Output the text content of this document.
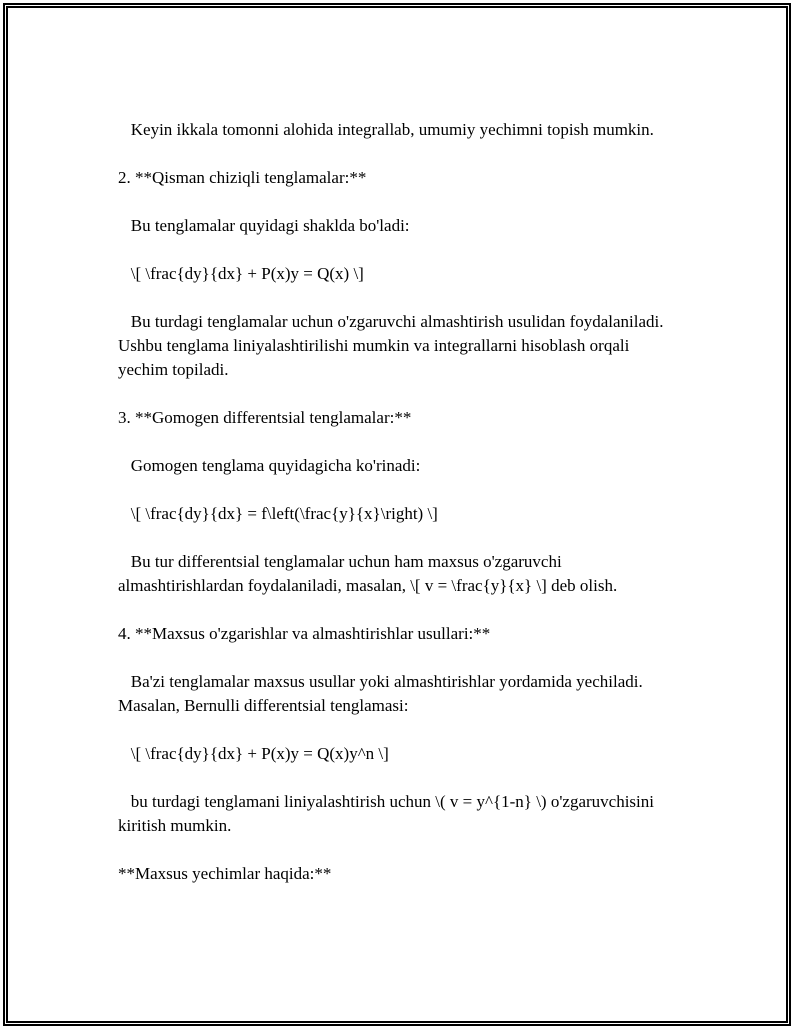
Keyin ikkala tomonni alohida integrallab, umumiy yechimni topish mumkin.

2. **Qisman chiziqli tenglamalar:**

Bu tenglamalar quyidagi shaklda bo'ladi:

\[ \frac{dy}{dx} + P(x)y = Q(x) \]

Bu turdagi tenglamalar uchun o'zgaruvchi almashtirish usulidan foydalaniladi. Ushbu tenglama liniyalashtirilishi mumkin va integrallarni hisoblash orqali yechim topiladi.

3. **Gomogen differentsial tenglamalar:**

Gomogen tenglama quyidagicha ko'rinadi:

\[ \frac{dy}{dx} = f\left(\frac{y}{x}\right) \]

Bu tur differentsial tenglamalar uchun ham maxsus o'zgaruvchi almashtirishlardan foydalaniladi, masalan, \[ v = \frac{y}{x} \] deb olish.

4. **Maxsus o'zgarishlar va almashtirishlar usullari:**

Ba'zi tenglamalar maxsus usullar yoki almashtirishlar yordamida yechiladi. Masalan, Bernulli differentsial tenglamasi:

\[ \frac{dy}{dx} + P(x)y = Q(x)y^n \]

bu turdagi tenglamani liniyalashtirish uchun \( v = y^{1-n} \) o'zgaruvchisini kiritish mumkin.

**Maxsus yechimlar haqida:**
